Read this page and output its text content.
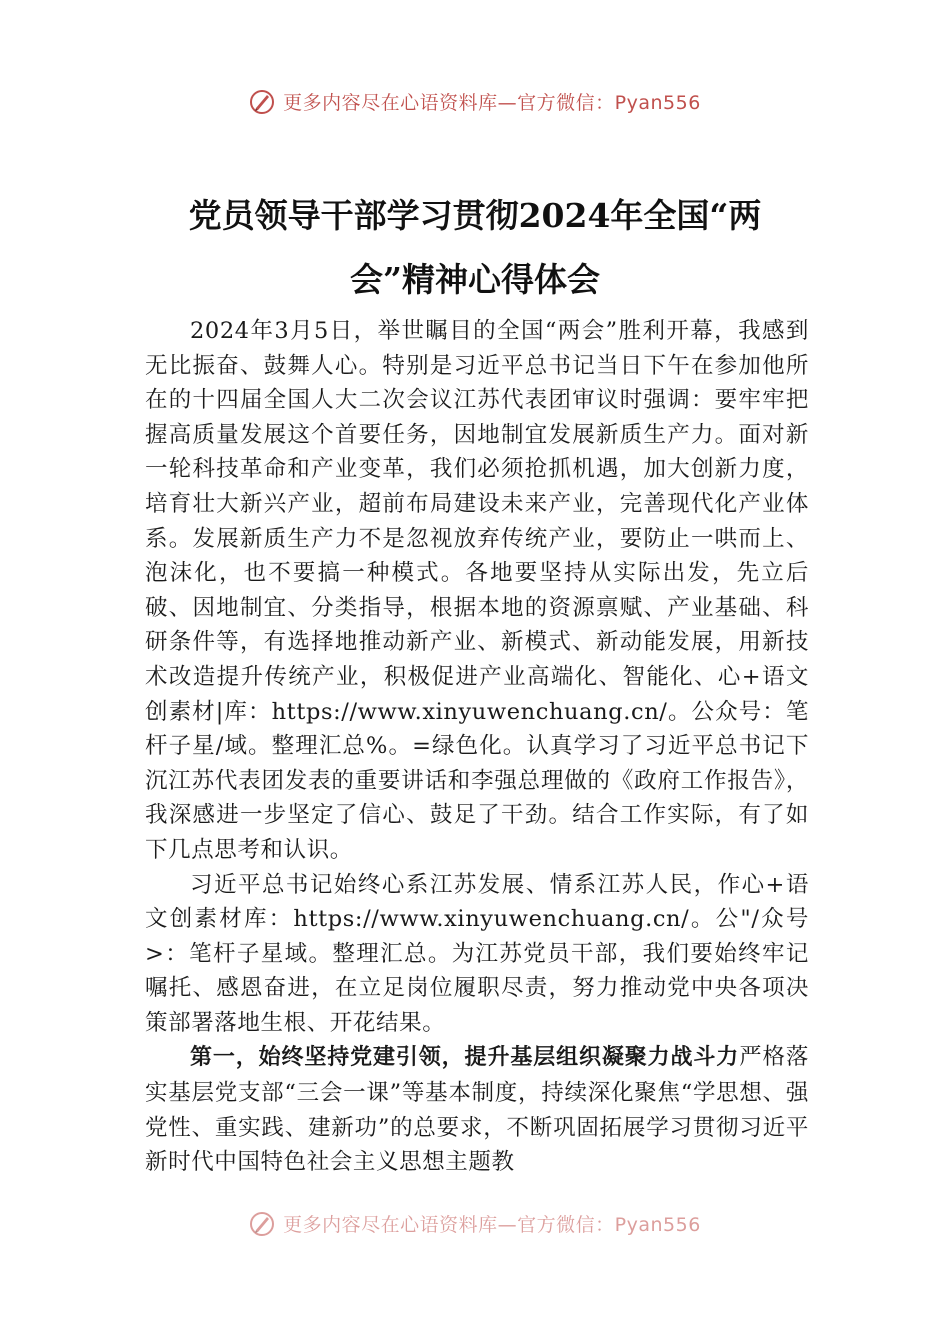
更多内容尽在心语资料库—官方微信：Pyan556
党员领导干部学习贯彻2024年全国“两
会”精神心得体会

2024年3月5日，举世瞩目的全国“两会”胜利开幕，我感到无比振奋、鼓舞人心。特别是习近平总书记当日下午在参加他所在的十四届全国人大二次会议江苏代表团审议时强调：要牢牢把握高质量发展这个首要任务，因地制宜发展新质生产力。面对新一轮科技革命和产业变革，我们必须抢抓机遇，加大创新力度，培育壮大新兴产业，超前布局建设未来产业，完善现代化产业体系。发展新质生产力不是忽视放弃传统产业，要防止一哄而上、泡沫化，也不要搞一种模式。各地要坚持从实际出发，先立后破、因地制宜、分类指导，根据本地的资源禀赋、产业基础、科研条件等，有选择地推动新产业、新模式、新动能发展，用新技术改造提升传统产业，积极促进产业高端化、智能化、心+语文创素材|库：https://www.xinyuwenchuang.cn/。公众号：笔杆子星/域。整理汇总%。=绿色化。认真学习了习近平总书记下沉江苏代表团发表的重要讲话和李强总理做的《政府工作报告》，我深感进一步坚定了信心、鼓足了干劲。结合工作实际，有了如下几点思考和认识。

习近平总书记始终心系江苏发展、情系江苏人民，作心+语文创素材库：https://www.xinyuwenchuang.cn/。公"/众号>：笔杆子星域。整理汇总。为江苏党员干部，我们要始终牢记嘱托、感恩奋进，在立足岗位履职尽责，努力推动党中央各项决策部署落地生根、开花结果。

第一，始终坚持党建引领，提升基层组织凝聚力战斗力严格落实基层党支部“三会一课”等基本制度，持续深化聚焦“学思想、强党性、重实践、建新功”的总要求，不断巩固拓展学习贯彻习近平新时代中国特色社会主义思想主题教

更多内容尽在心语资料库—官方微信：Pyan556
